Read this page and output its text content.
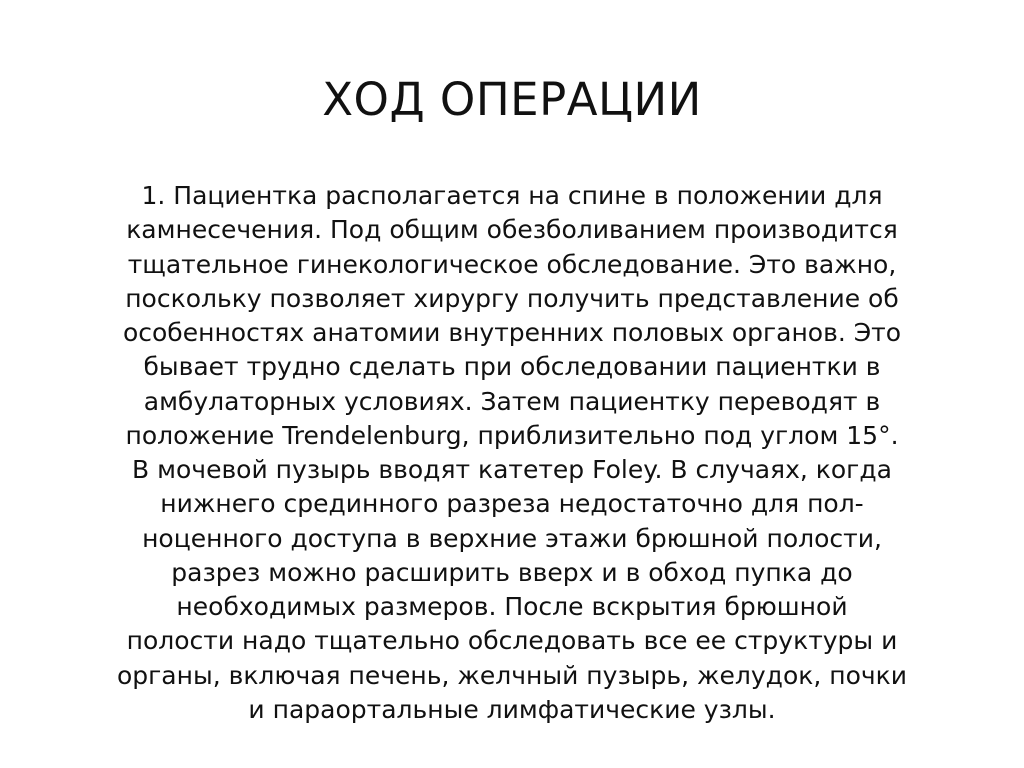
ХОД ОПЕРАЦИИ

1. Пациентка располагается на спине в положении для
камнесечения. Под общим обезболиванием производится
тщательное гинекологическое обследование. Это важно,
поскольку позволяет хирургу получить представление об
особенностях анатомии внутренних половых органов. Это
бывает трудно сделать при обследовании пациентки в
амбулаторных условиях. Затем пациентку переводят в
положение Trendelenburg, приблизительно под углом 15°.
В мочевой пузырь вводят катетер Foley. В случаях, когда
нижнего срединного разреза недостаточно для пол-
ноценного доступа в верхние этажи брюшной полости,
разрез можно расширить вверх и в обход пупка до
необходимых размеров. После вскрытия брюшной
полости надо тщательно обследовать все ее структуры и
органы, включая печень, желчный пузырь, желудок, почки
и параортальные лимфатические узлы.
